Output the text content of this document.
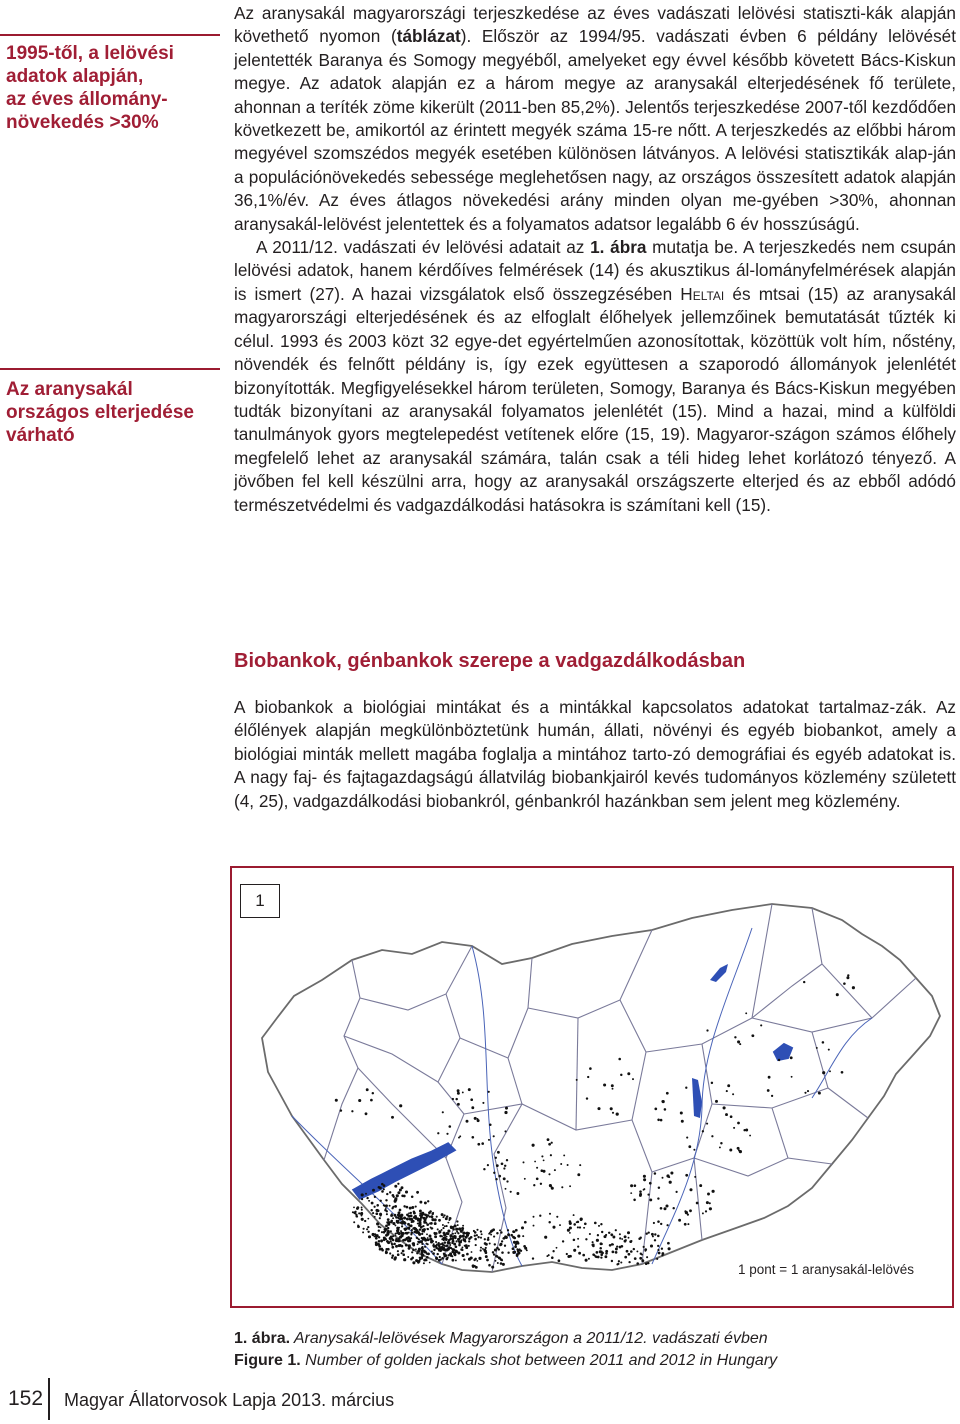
1995-től, a lelövési
adatok alapján,
az éves állomány-
növekedés >30%
Az aranysakál
országos elterjedése
várható

Az aranysakál magyarországi terjeszkedése az éves vadászati lelövési statiszti-kák alapján követhető nyomon (táblázat). Először az 1994/95. vadászati évben 6 példány lelövését jelentették Baranya és Somogy megyéből, amelyeket egy évvel később követett Bács-Kiskun megye. Az adatok alapján ez a három megye az aranysakál elterjedésének fő területe, ahonnan a teríték zöme kikerült (2011-ben 85,2%). Jelentős terjeszkedése 2007-től kezdődően következett be, amikortól az érintett megyék száma 15-re nőtt. A terjeszkedés az előbbi három megyével szomszédos megyék esetében különösen látványos. A lelövési statisztikák alap-ján a populációnövekedés sebessége meglehetősen nagy, az országos összesített adatok alapján 36,1%/év. Az éves átlagos növekedési arány minden olyan me-gyében >30%, ahonnan aranysakál-lelövést jelentettek és a folyamatos adatsor legalább 6 év hosszúságú.

A 2011/12. vadászati év lelövési adatait az 1. ábra mutatja be. A terjeszkedés nem csupán lelövési adatok, hanem kérdőíves felmérések (14) és akusztikus ál-lományfelmérések alapján is ismert (27). A hazai vizsgálatok első összegzésében Heltai és mtsai (15) az aranysakál magyarországi elterjedésének és az elfoglalt élőhelyek jellemzőinek bemutatását tűzték ki célul. 1993 és 2003 közt 32 egye-det egyértelműen azonosítottak, közöttük volt hím, nőstény, növendék és felnőtt példány is, így ezek együttesen a szaporodó állományok jelenlétét bizonyították. Megfigyelésekkel három területen, Somogy, Baranya és Bács-Kiskun megyében tudták bizonyítani az aranysakál folyamatos jelenlétét (15). Mind a hazai, mind a külföldi tanulmányok gyors megtelepedést vetítenek előre (15, 19). Magyaror-szágon számos élőhely megfelelő lehet az aranysakál számára, talán csak a téli hideg lehet korlátozó tényező. A jövőben fel kell készülni arra, hogy az aranysakál országszerte elterjed és az ebből adódó természetvédelmi és vadgazdálkodási hatásokra is számítani kell (15).

Biobankok, génbankok szerepe a vadgazdálkodásban

A biobankok a biológiai mintákat és a mintákkal kapcsolatos adatokat tartalmaz-zák. Az élőlények alapján megkülönböztetünk humán, állati, növényi és egyéb biobankot, amely a biológiai minták mellett magába foglalja a mintához tarto-zó demográfiai és egyéb adatokat is. A nagy faj- és fajtagazdagságú állatvilág biobankjairól kevés tudományos közlemény született (4, 25), vadgazdálkodási biobankról, génbankról hazánkban sem jelent meg közlemény.

1
1 pont = 1 aranysakál-lelövés
1. ábra. Aranysakál-lelövések Magyarországon a 2011/12. vadászati évben
Figure 1. Number of golden jackals shot between 2011 and 2012 in Hungary
152 Magyar Állatorvosok Lapja 2013. március
